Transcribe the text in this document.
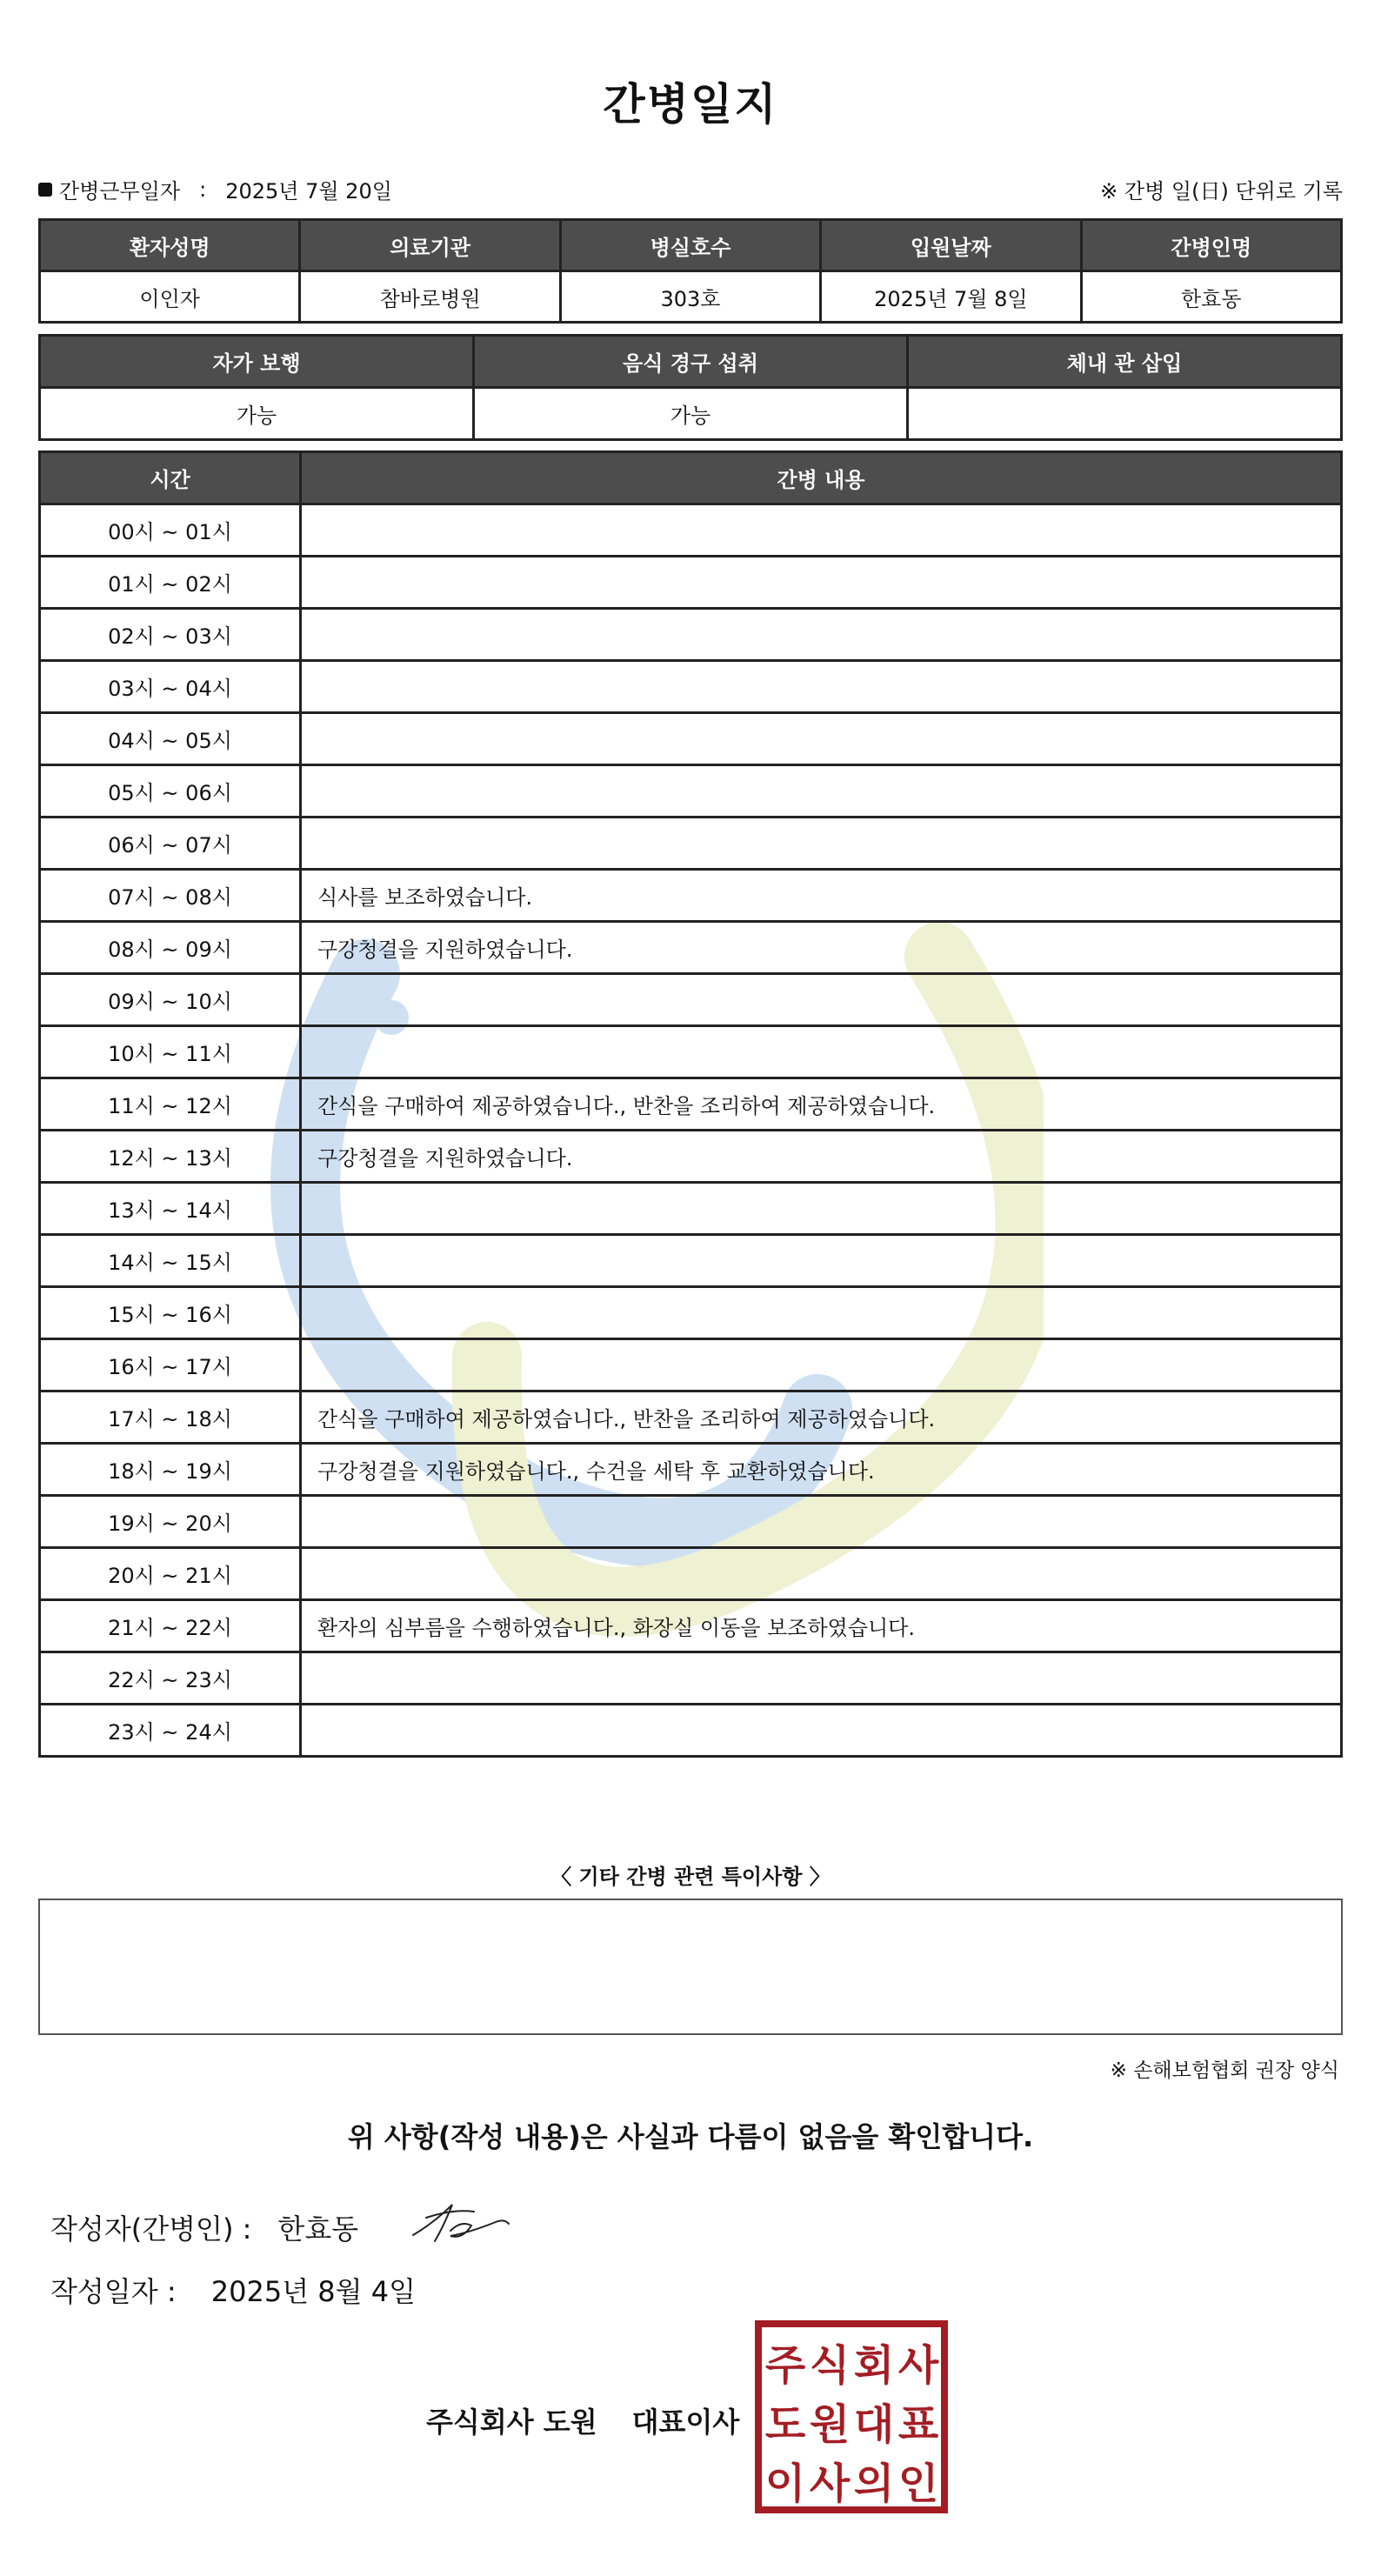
간병일지
간병근무일자 : 2025년 7월 20일	※ 간병 일(日) 단위로 기록
환자성명	의료기관	병실호수	입원날짜	간병인명
이인자	참바로병원	303호	2025년 7월 8일	한효동
자가 보행	음식 경구 섭취	체내 관 삽입
가능	가능	
시간	간병 내용
00시 ~ 01시	
01시 ~ 02시	
02시 ~ 03시	
03시 ~ 04시	
04시 ~ 05시	
05시 ~ 06시	
06시 ~ 07시	
07시 ~ 08시	식사를 보조하였습니다.
08시 ~ 09시	구강청결을 지원하였습니다.
09시 ~ 10시	
10시 ~ 11시	
11시 ~ 12시	간식을 구매하여 제공하였습니다., 반찬을 조리하여 제공하였습니다.
12시 ~ 13시	구강청결을 지원하였습니다.
13시 ~ 14시	
14시 ~ 15시	
15시 ~ 16시	
16시 ~ 17시	
17시 ~ 18시	간식을 구매하여 제공하였습니다., 반찬을 조리하여 제공하였습니다.
18시 ~ 19시	구강청결을 지원하였습니다., 수건을 세탁 후 교환하였습니다.
19시 ~ 20시	
20시 ~ 21시	
21시 ~ 22시	환자의 심부름을 수행하였습니다., 화장실 이동을 보조하였습니다.
22시 ~ 23시	
23시 ~ 24시	
〈 기타 간병 관련 특이사항 〉
※ 손해보험협회 권장 양식
위 사항(작성 내용)은 사실과 다름이 없음을 확인합니다.
작성자(간병인) : 한효동
작성일자 : 2025년 8월 4일
주식회사 도원 대표이사
주 식 회 사
도 원 대 표
이 사 의 인
